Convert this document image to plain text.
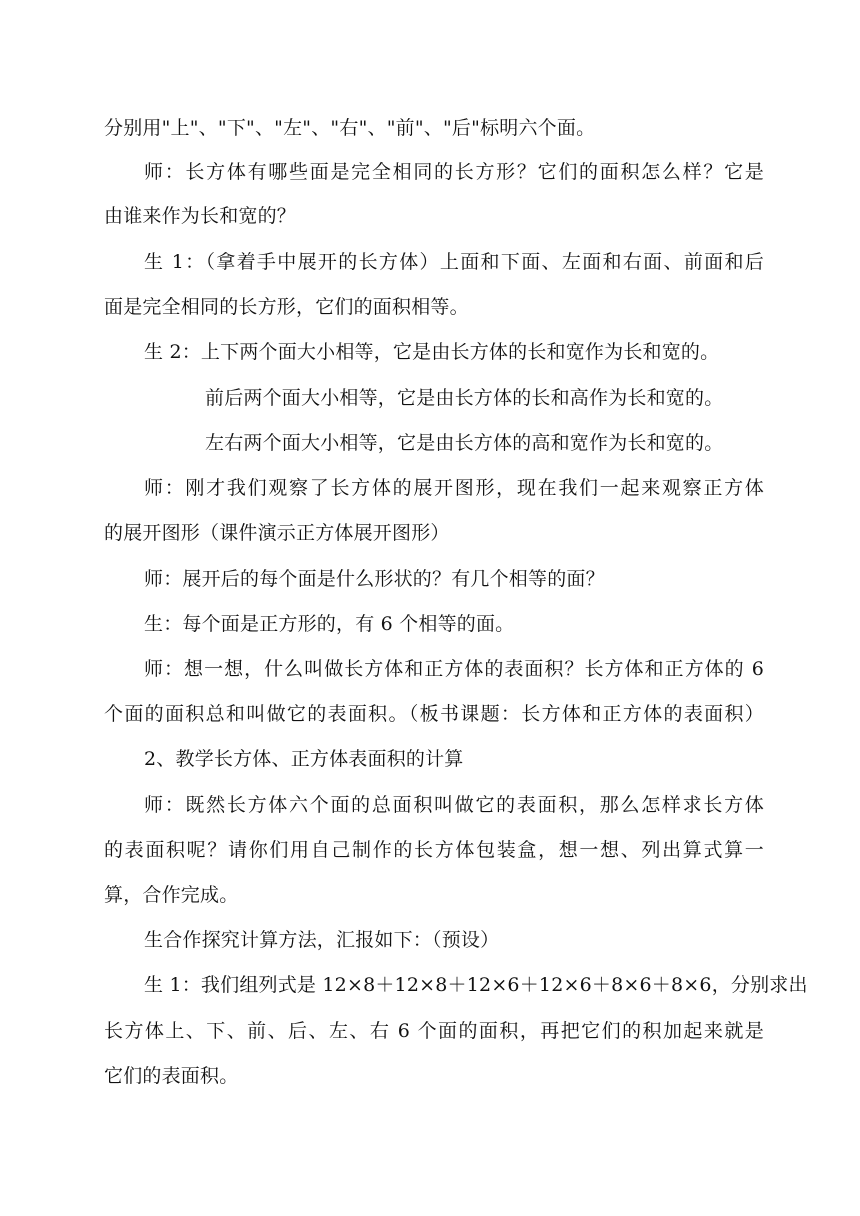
分别用"上"、"下"、"左"、"右"、"前"、"后"标明六个面。
师：长方体有哪些面是完全相同的长方形？它们的面积怎么样？它是
由谁来作为长和宽的？
生 1：（拿着手中展开的长方体）上面和下面、左面和右面、前面和后
面是完全相同的长方形，它们的面积相等。
生 2：上下两个面大小相等，它是由长方体的长和宽作为长和宽的。
前后两个面大小相等，它是由长方体的长和高作为长和宽的。
左右两个面大小相等，它是由长方体的高和宽作为长和宽的。
师：刚才我们观察了长方体的展开图形，现在我们一起来观察正方体
的展开图形（课件演示正方体展开图形）
师：展开后的每个面是什么形状的？有几个相等的面？
生：每个面是正方形的，有 6 个相等的面。
师：想一想，什么叫做长方体和正方体的表面积？长方体和正方体的 6
个面的面积总和叫做它的表面积。（板书课题：长方体和正方体的表面积）
2、教学长方体、正方体表面积的计算
师：既然长方体六个面的总面积叫做它的表面积，那么怎样求长方体
的表面积呢？请你们用自己制作的长方体包装盒，想一想、列出算式算一
算，合作完成。
生合作探究计算方法，汇报如下：（预设）
生 1：我们组列式是 12×8＋12×8＋12×6＋12×6＋8×6＋8×6，分别求出
长方体上、下、前、后、左、右 6 个面的面积，再把它们的积加起来就是
它们的表面积。
